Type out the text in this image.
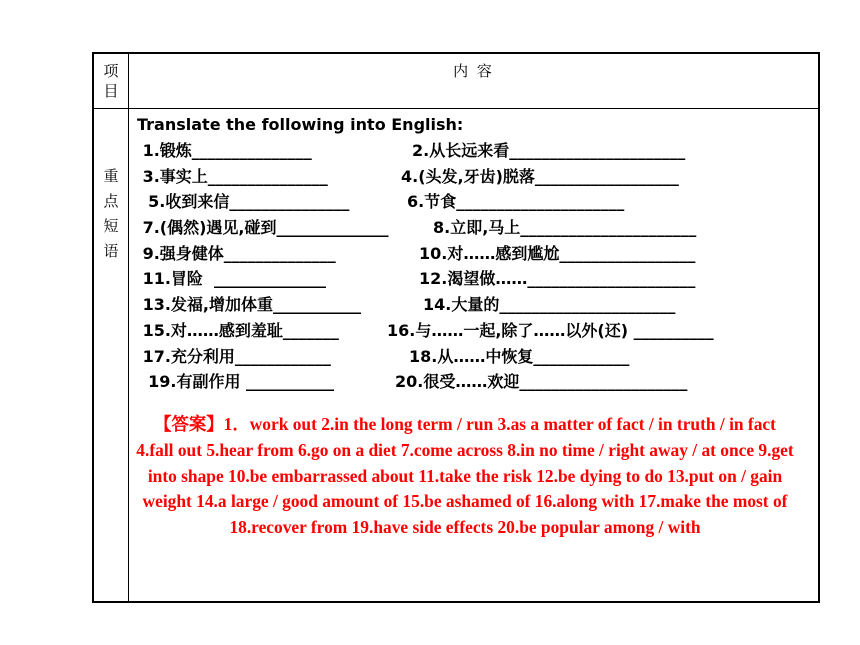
项
目
内 容
重
点
短
语
Translate the following into English:
1.锻炼_______________	2.从长远来看______________________
3.事实上_______________	4.(头发,牙齿)脱落__________________
5.收到来信_______________	6.节食_____________________
7.(偶然)遇见,碰到______________	8.立即,马上______________________
9.强身健体______________	10.对……感到尴尬_________________
11.冒险  ______________	12.渴望做……_____________________
13.发福,增加体重___________	14.大量的______________________
15.对……感到羞耻_______	16.与……一起,除了……以外(还) __________
17.充分利用____________	18.从……中恢复____________
19.有副作用 ___________	20.很受……欢迎_____________________
【答案】1．work out 2.in the long term / run 3.as a matter of fact / in truth / in fact 4.fall out 5.hear from 6.go on a diet 7.come across 8.in no time / right away / at once 9.get into shape 10.be embarrassed about 11.take the risk 12.be dying to do 13.put on / gain weight 14.a large / good amount of 15.be ashamed of 16.along with 17.make the most of 18.recover from 19.have side effects 20.be popular among / with
